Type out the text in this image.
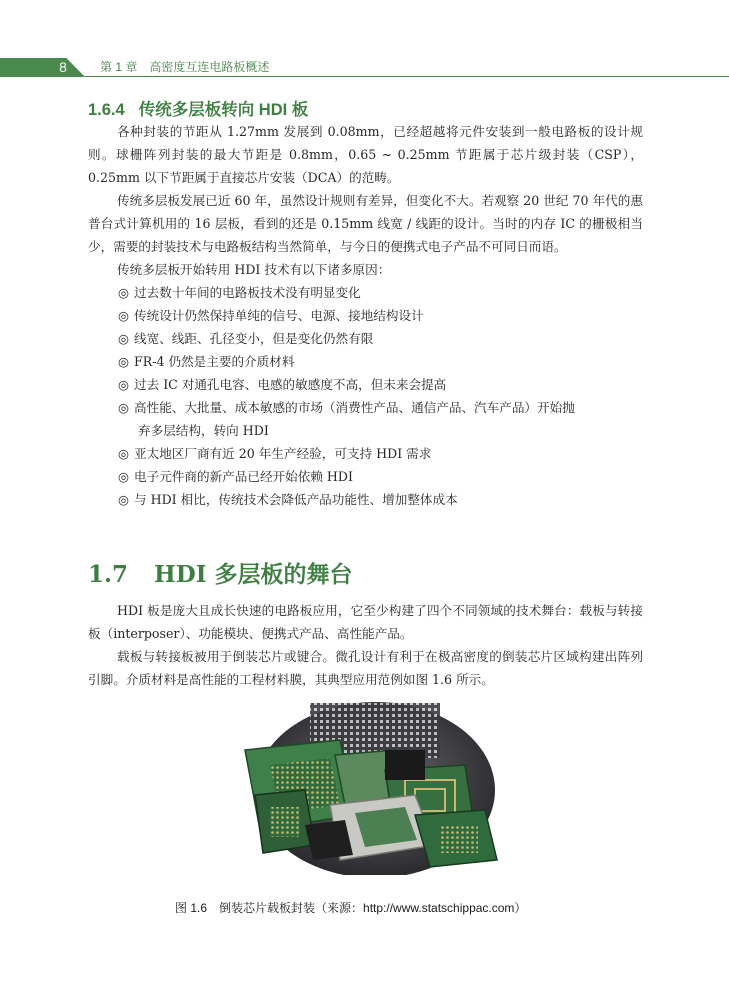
8	第 1 章 高密度互连电路板概述
1.6.4 传统多层板转向 HDI 板

各种封装的节距从 1.27mm 发展到 0.08mm，已经超越将元件安装到一般电路板的设计规则。球栅阵列封装的最大节距是 0.8mm，0.65 ~ 0.25mm 节距属于芯片级封装（CSP），0.25mm 以下节距属于直接芯片安装（DCA）的范畴。

传统多层板发展已近 60 年，虽然设计规则有差异，但变化不大。若观察 20 世纪 70 年代的惠普台式计算机用的 16 层板，看到的还是 0.15mm 线宽 / 线距的设计。当时的内存 IC 的栅极相当少，需要的封装技术与电路板结构当然简单，与今日的便携式电子产品不可同日而语。

传统多层板开始转用 HDI 技术有以下诸多原因：

◎ 过去数十年间的电路板技术没有明显变化

◎ 传统设计仍然保持单纯的信号、电源、接地结构设计

◎ 线宽、线距、孔径变小，但是变化仍然有限

◎ FR-4 仍然是主要的介质材料

◎ 过去 IC 对通孔电容、电感的敏感度不高，但未来会提高

◎ 高性能、大批量、成本敏感的市场（消费性产品、通信产品、汽车产品）开始抛

弃多层结构，转向 HDI

◎ 亚太地区厂商有近 20 年生产经验，可支持 HDI 需求

◎ 电子元件商的新产品已经开始依赖 HDI

◎ 与 HDI 相比，传统技术会降低产品功能性、增加整体成本

1.7 HDI 多层板的舞台

HDI 板是庞大且成长快速的电路板应用，它至少构建了四个不同领域的技术舞台：载板与转接板（interposer）、功能模块、便携式产品、高性能产品。

载板与转接板被用于倒装芯片或键合。微孔设计有利于在极高密度的倒装芯片区域构建出阵列引脚。介质材料是高性能的工程材料膜，其典型应用范例如图 1.6 所示。

图 1.6 倒装芯片载板封装（来源：http://www.statschippac.com）
